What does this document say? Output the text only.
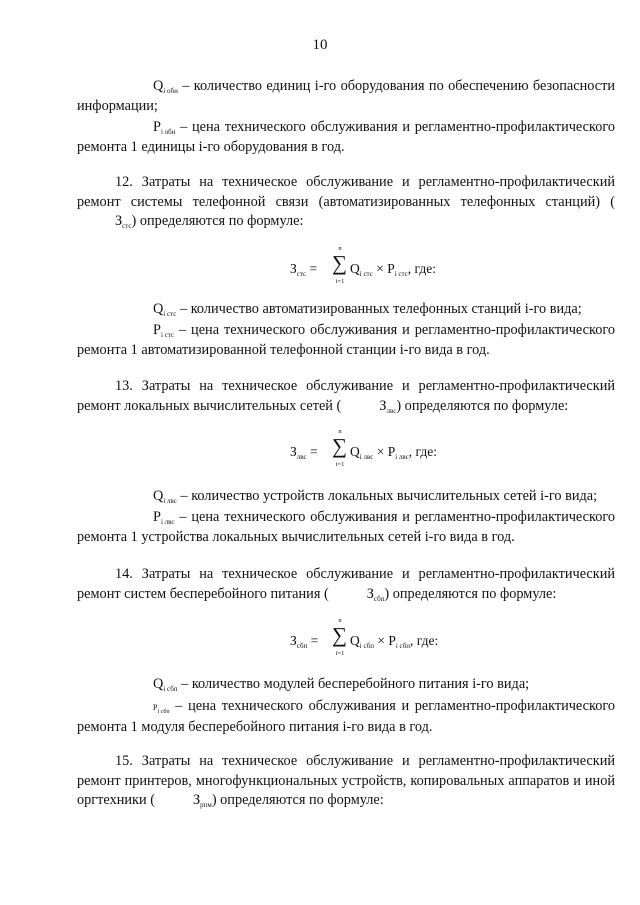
10
$Q_{i обн}$ – количество единиц i-го оборудования по обеспечению безопасности информации;
$P_{i обн}$ – цена технического обслуживания и регламентно-профилактического ремонта 1 единицы i-го оборудования в год.
12. Затраты на техническое обслуживание и регламентно-профилактический ремонт системы телефонной связи (автоматизированных телефонных станций) $(З_{стс})$ определяются по формуле:
$З_{стс}$ =
n
∑
i=1
$Q_{i стс} \times P_{i стс}$, где:
$Q_{i стс}$ – количество автоматизированных телефонных станций i-го вида;
$P_{i стс}$ – цена технического обслуживания и регламентно-профилактического ремонта 1 автоматизированной телефонной станции i-го вида в год.
13. Затраты на техническое обслуживание и регламентно-профилактический ремонт локальных вычислительных сетей (	$З_{лвс}$) определяются по формуле:
$З_{лвс}$ =
n
∑
i=1
$Q_{i лвс} \times P_{i лвс}$, где:
$Q_{i лвс}$ – количество устройств локальных вычислительных сетей i-го вида;
$P_{i лвс}$ – цена технического обслуживания и регламентно-профилактического ремонта 1 устройства локальных вычислительных сетей i-го вида в год.
14. Затраты на техническое обслуживание и регламентно-профилактический ремонт систем бесперебойного питания (	$З_{сбп}$) определяются по формуле:
$З_{сбп}$ =
n
∑
i=1
$Q_{i сбп} \times P_{i сбп}$, где:
$Q_{i сбп}$ – количество модулей бесперебойного питания i-го вида;
$P_{i сбп}$ – цена технического обслуживания и регламентно-профилактического ремонта 1 модуля бесперебойного питания i-го вида в год.
15. Затраты на техническое обслуживание и регламентно-профилактический ремонт принтеров, многофункциональных устройств, копировальных аппаратов и иной оргтехники (	$З_{рпм}$) определяются по формуле:
